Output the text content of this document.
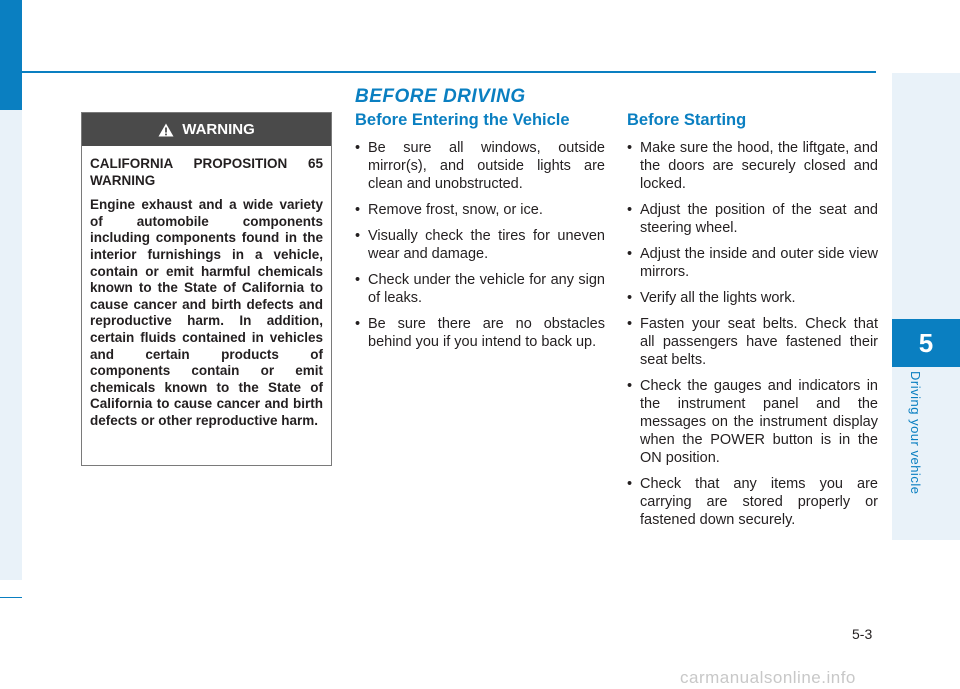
5
Driving your vehicle
BEFORE DRIVING
WARNING

CALIFORNIA PROPOSITION 65 WARNING

Engine exhaust and a wide variety of automobile components including components found in the interior furnishings in a vehicle, contain or emit harmful chemicals known to the State of California to cause cancer and birth defects and reproductive harm. In addition, certain fluids contained in vehicles and certain products of components contain or emit chemicals known to the State of California to cause cancer and birth defects or other reproductive harm.

Before Entering the Vehicle
• Be sure all windows, outside mirror(s), and outside lights are clean and unobstructed.
• Remove frost, snow, or ice.
• Visually check the tires for uneven wear and damage.
• Check under the vehicle for any sign of leaks.
• Be sure there are no obstacles behind you if you intend to back up.
Before Starting
• Make sure the hood, the liftgate, and the doors are securely closed and locked.
• Adjust the position of the seat and steering wheel.
• Adjust the inside and outer side view mirrors.
• Verify all the lights work.
• Fasten your seat belts. Check that all passengers have fastened their seat belts.
• Check the gauges and indicators in the instrument panel and the messages on the instrument display when the POWER button is in the ON position.
• Check that any items you are carrying are stored properly or fastened down securely.
5-3
carmanualsonline.info
